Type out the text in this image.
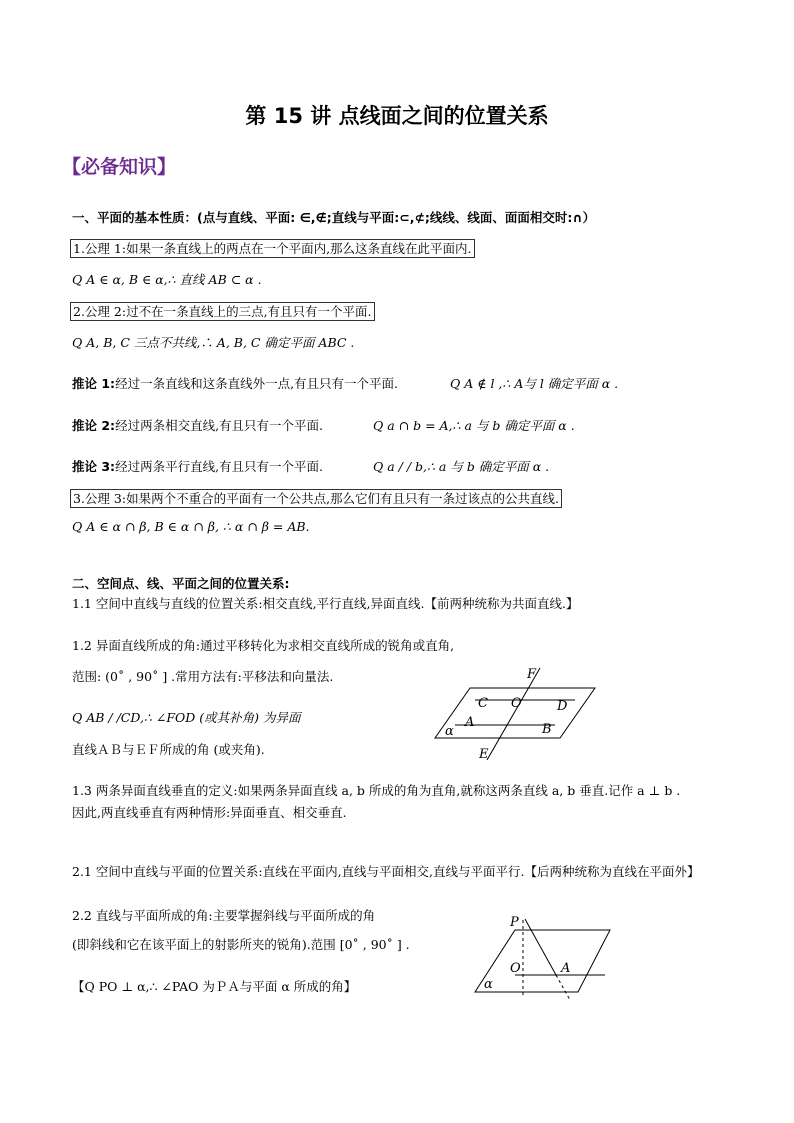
第 15 讲 点线面之间的位置关系
【必备知识】
一、平面的基本性质：(点与直线、平面: ∈,∉;直线与平面:⊂,⊄;线线、线面、面面相交时:∩）
1.公理 1:如果一条直线上的两点在一个平面内,那么这条直线在此平面内.
Q A ∈ α, B ∈ α,∴ 直线 AB ⊂ α .
2.公理 2:过不在一条直线上的三点,有且只有一个平面.
Q A, B, C 三点不共线,∴ A, B, C 确定平面 ABC .
推论 1:经过一条直线和这条直线外一点,有且只有一个平面.	Q A ∉ l ,∴ A与 l 确定平面 α .
推论 2:经过两条相交直线,有且只有一个平面.	Q a ∩ b = A,∴ a 与 b 确定平面 α .
推论 3:经过两条平行直线,有且只有一个平面.	Q a / / b,∴ a 与 b 确定平面 α .
3.公理 3:如果两个不重合的平面有一个公共点,那么它们有且只有一条过该点的公共直线.
Q A ∈ α ∩ β, B ∈ α ∩ β, ∴ α ∩ β = AB.
二、空间点、线、平面之间的位置关系:
1.1 空间中直线与直线的位置关系:相交直线,平行直线,异面直线.【前两种统称为共面直线.】
1.2 异面直线所成的角:通过平移转化为求相交直线所成的锐角或直角,
范围: (0˚ , 90˚ ] .常用方法有:平移法和向量法.
Q AB / /CD,∴ ∠FOD (或其补角) 为异面
直线ＡＢ与ＥＦ所成的角 (或夹角).
F
C O	D
A	B
α
E
1.3 两条异面直线垂直的定义:如果两条异面直线 a, b 所成的角为直角,就称这两条直线 a, b 垂直.记作 a ⊥ b .
因此,两直线垂直有两种情形:异面垂直、相交垂直.
2.1 空间中直线与平面的位置关系:直线在平面内,直线与平面相交,直线与平面平行.【后两种统称为直线在平面外】
2.2 直线与平面所成的角:主要掌握斜线与平面所成的角
(即斜线和它在该平面上的射影所夹的锐角).范围 [0˚ , 90˚ ] .
【Q PO ⊥ α,∴ ∠PAO 为ＰＡ与平面 α 所成的角】
P
O	A
α
